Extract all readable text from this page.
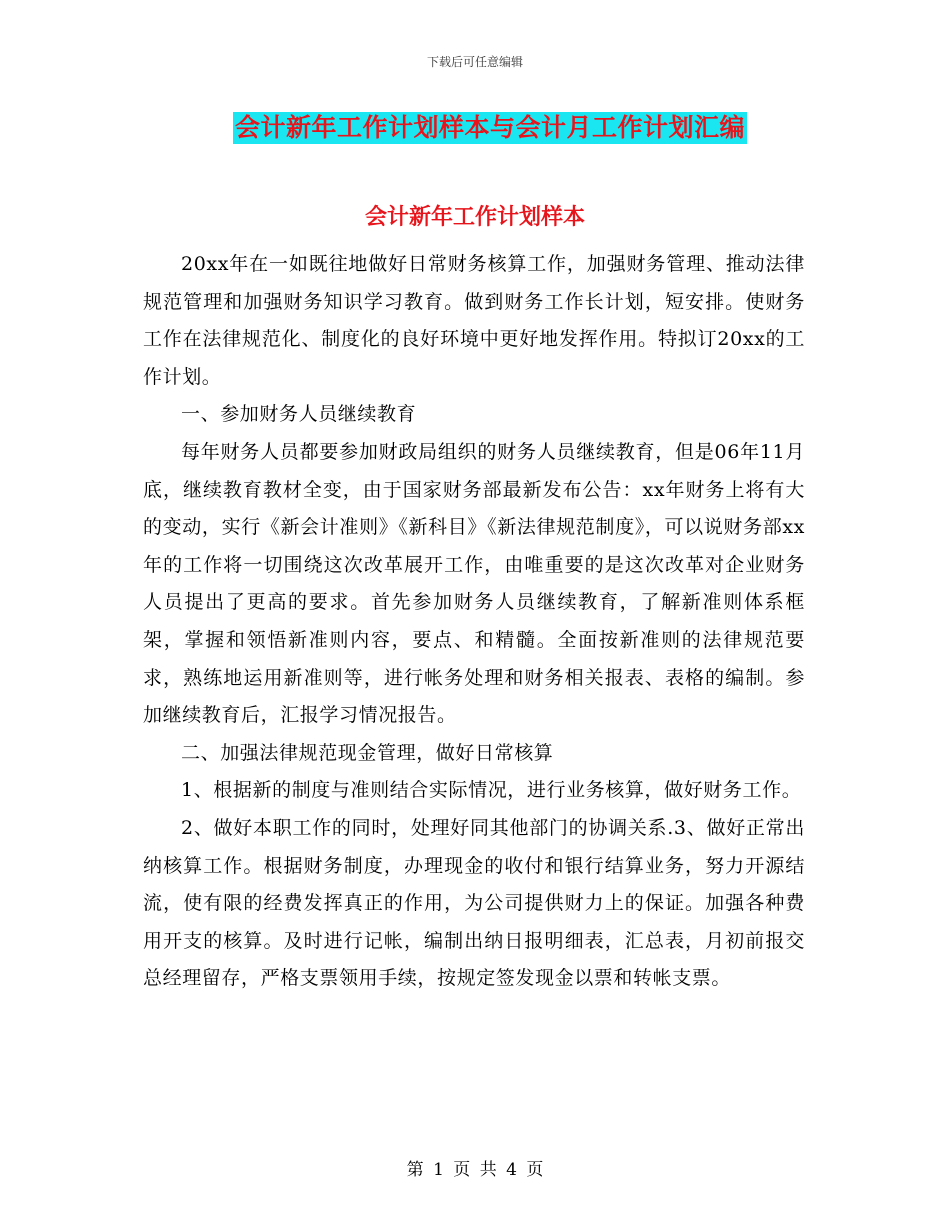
下载后可任意编辑
会计新年工作计划样本与会计月工作计划汇编
会计新年工作计划样本

20xx年在一如既往地做好日常财务核算工作，加强财务管理、推动法律规范管理和加强财务知识学习教育。做到财务工作长计划，短安排。使财务工作在法律规范化、制度化的良好环境中更好地发挥作用。特拟订20xx的工作计划。

一、参加财务人员继续教育

每年财务人员都要参加财政局组织的财务人员继续教育，但是06年11月底，继续教育教材全变，由于国家财务部最新发布公告：xx年财务上将有大的变动，实行《新会计准则》《新科目》《新法律规范制度》，可以说财务部xx年的工作将一切围绕这次改革展开工作，由唯重要的是这次改革对企业财务人员提出了更高的要求。首先参加财务人员继续教育，了解新准则体系框架，掌握和领悟新准则内容，要点、和精髓。全面按新准则的法律规范要求，熟练地运用新准则等，进行帐务处理和财务相关报表、表格的编制。参加继续教育后，汇报学习情况报告。

二、加强法律规范现金管理，做好日常核算

1、根据新的制度与准则结合实际情况，进行业务核算，做好财务工作。

2、做好本职工作的同时，处理好同其他部门的协调关系.3、做好正常出纳核算工作。根据财务制度，办理现金的收付和银行结算业务，努力开源结流，使有限的经费发挥真正的作用，为公司提供财力上的保证。加强各种费用开支的核算。及时进行记帐，编制出纳日报明细表，汇总表，月初前报交总经理留存，严格支票领用手续，按规定签发现金以票和转帐支票。

第 1 页 共 4 页
